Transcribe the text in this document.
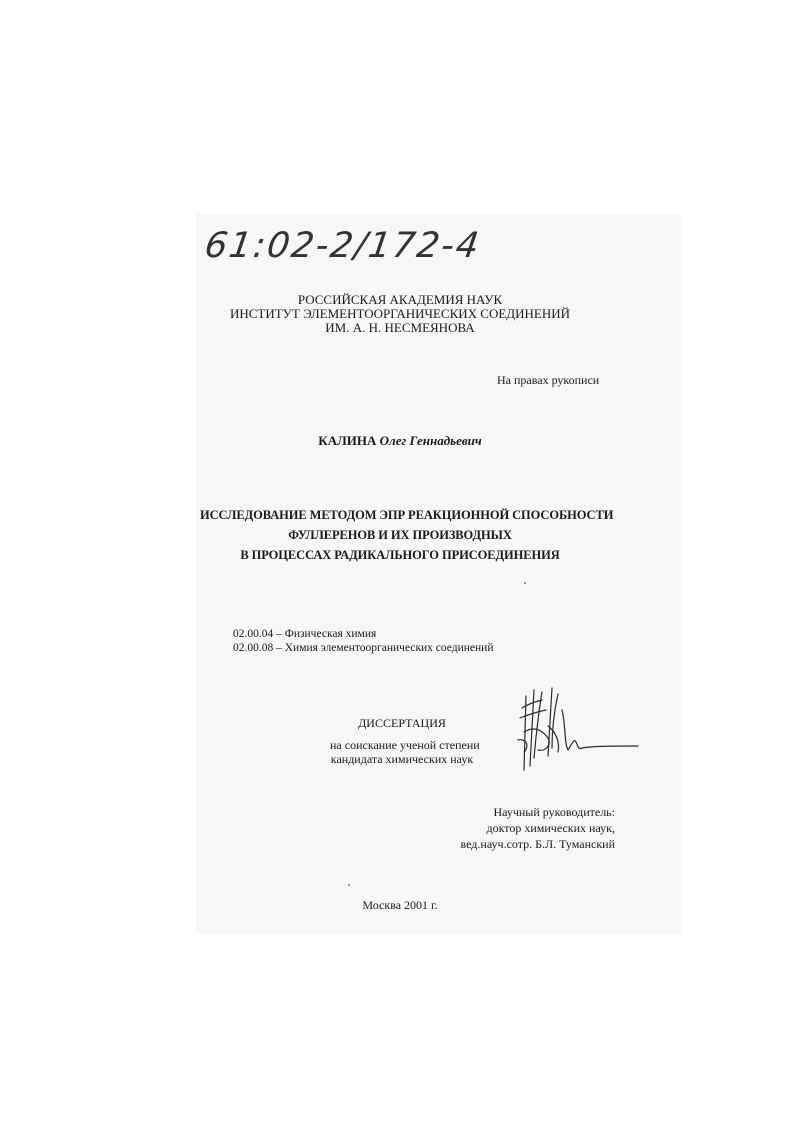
61:02-2/172-4
РОССИЙСКАЯ АКАДЕМИЯ НАУК
ИНСТИТУТ ЭЛЕМЕНТООРГАНИЧЕСКИХ СОЕДИНЕНИЙ
ИМ. А. Н. НЕСМЕЯНОВА
На правах рукописи
КАЛИНА Олег Геннадьевич
ИССЛЕДОВАНИЕ МЕТОДОМ ЭПР РЕАКЦИОННОЙ СПОСОБНОСТИ
ФУЛЛЕРЕНОВ И ИХ ПРОИЗВОДНЫХ
В ПРОЦЕССАХ РАДИКАЛЬНОГО ПРИСОЕДИНЕНИЯ
02.00.04 – Физическая химия
02.00.08 – Химия элементоорганических соединений
ДИССЕРТАЦИЯ
на соискание ученой степени
кандидата химических наук
Научный руководитель:
доктор химических наук,
вед.науч.сотр. Б.Л. Туманский
Москва 2001 г.
